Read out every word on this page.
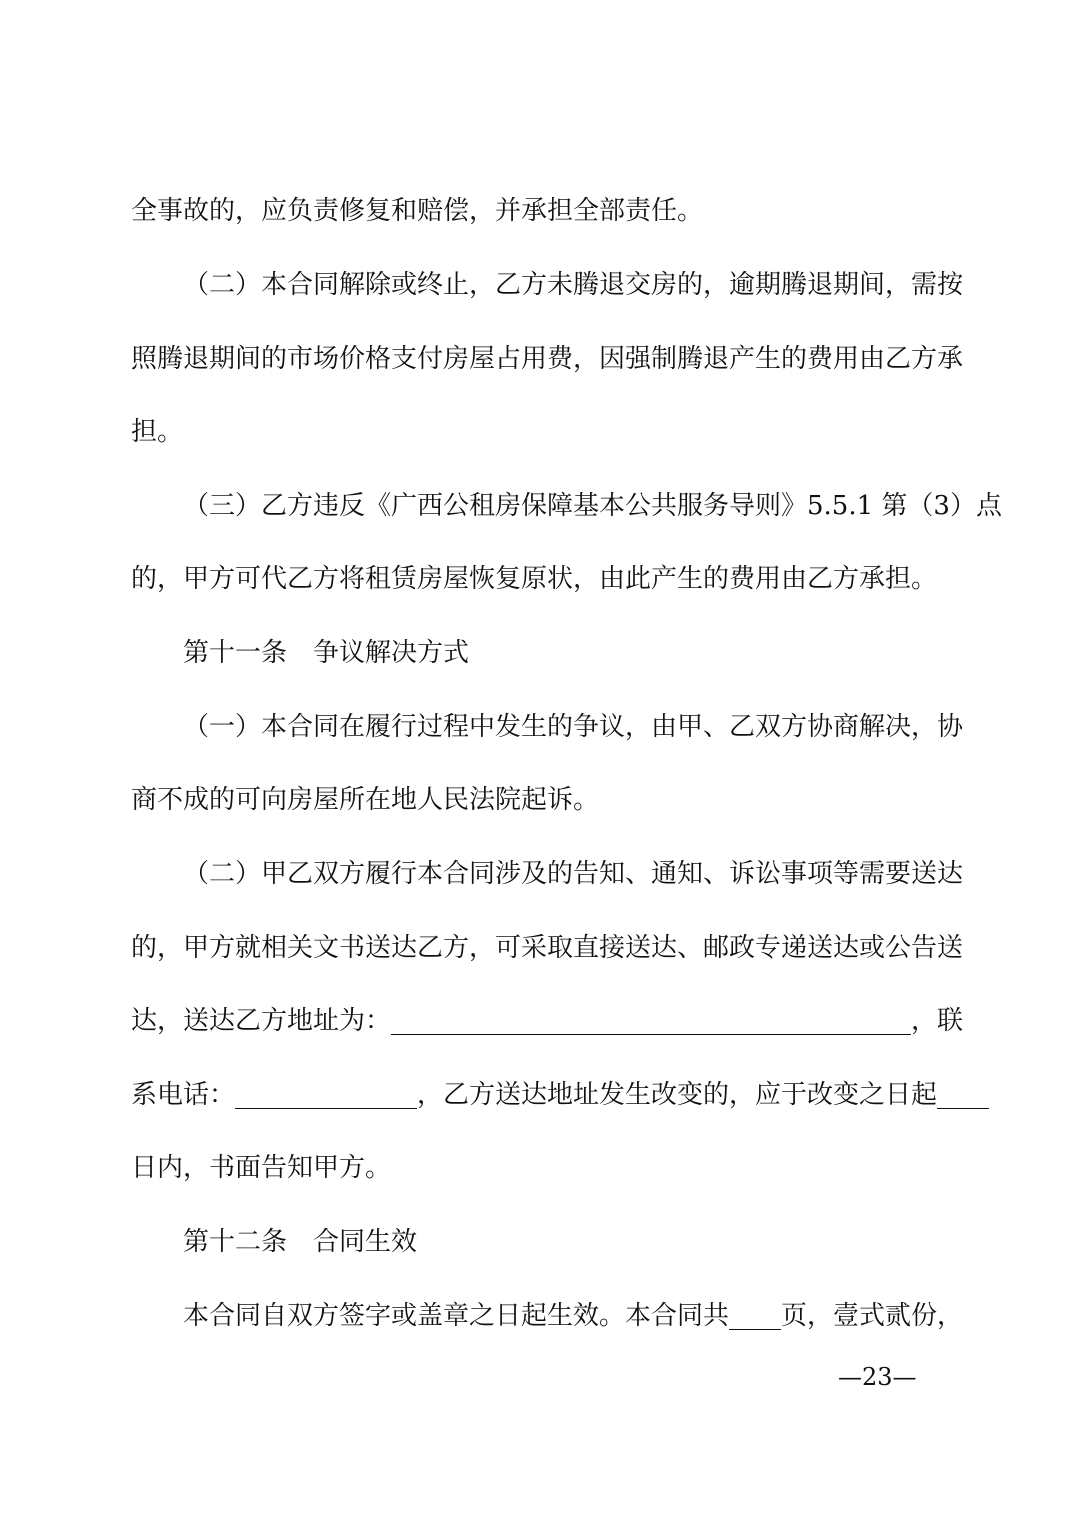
全事故的，应负责修复和赔偿，并承担全部责任。
（二）本合同解除或终止，乙方未腾退交房的，逾期腾退期间，需按
照腾退期间的市场价格支付房屋占用费，因强制腾退产生的费用由乙方承
担。
（三）乙方违反《广西公租房保障基本公共服务导则》5.5.1 第（3）点
的，甲方可代乙方将租赁房屋恢复原状，由此产生的费用由乙方承担。
第十一条　争议解决方式
（一）本合同在履行过程中发生的争议，由甲、乙双方协商解决，协
商不成的可向房屋所在地人民法院起诉。
（二）甲乙双方履行本合同涉及的告知、通知、诉讼事项等需要送达
的，甲方就相关文书送达乙方，可采取直接送达、邮政专递送达或公告送
达，送达乙方地址为：________________________________________，联
系电话：______________，乙方送达地址发生改变的，应于改变之日起____
日内，书面告知甲方。
第十二条　合同生效
本合同自双方签字或盖章之日起生效。本合同共____页，壹式贰份，
—23—
